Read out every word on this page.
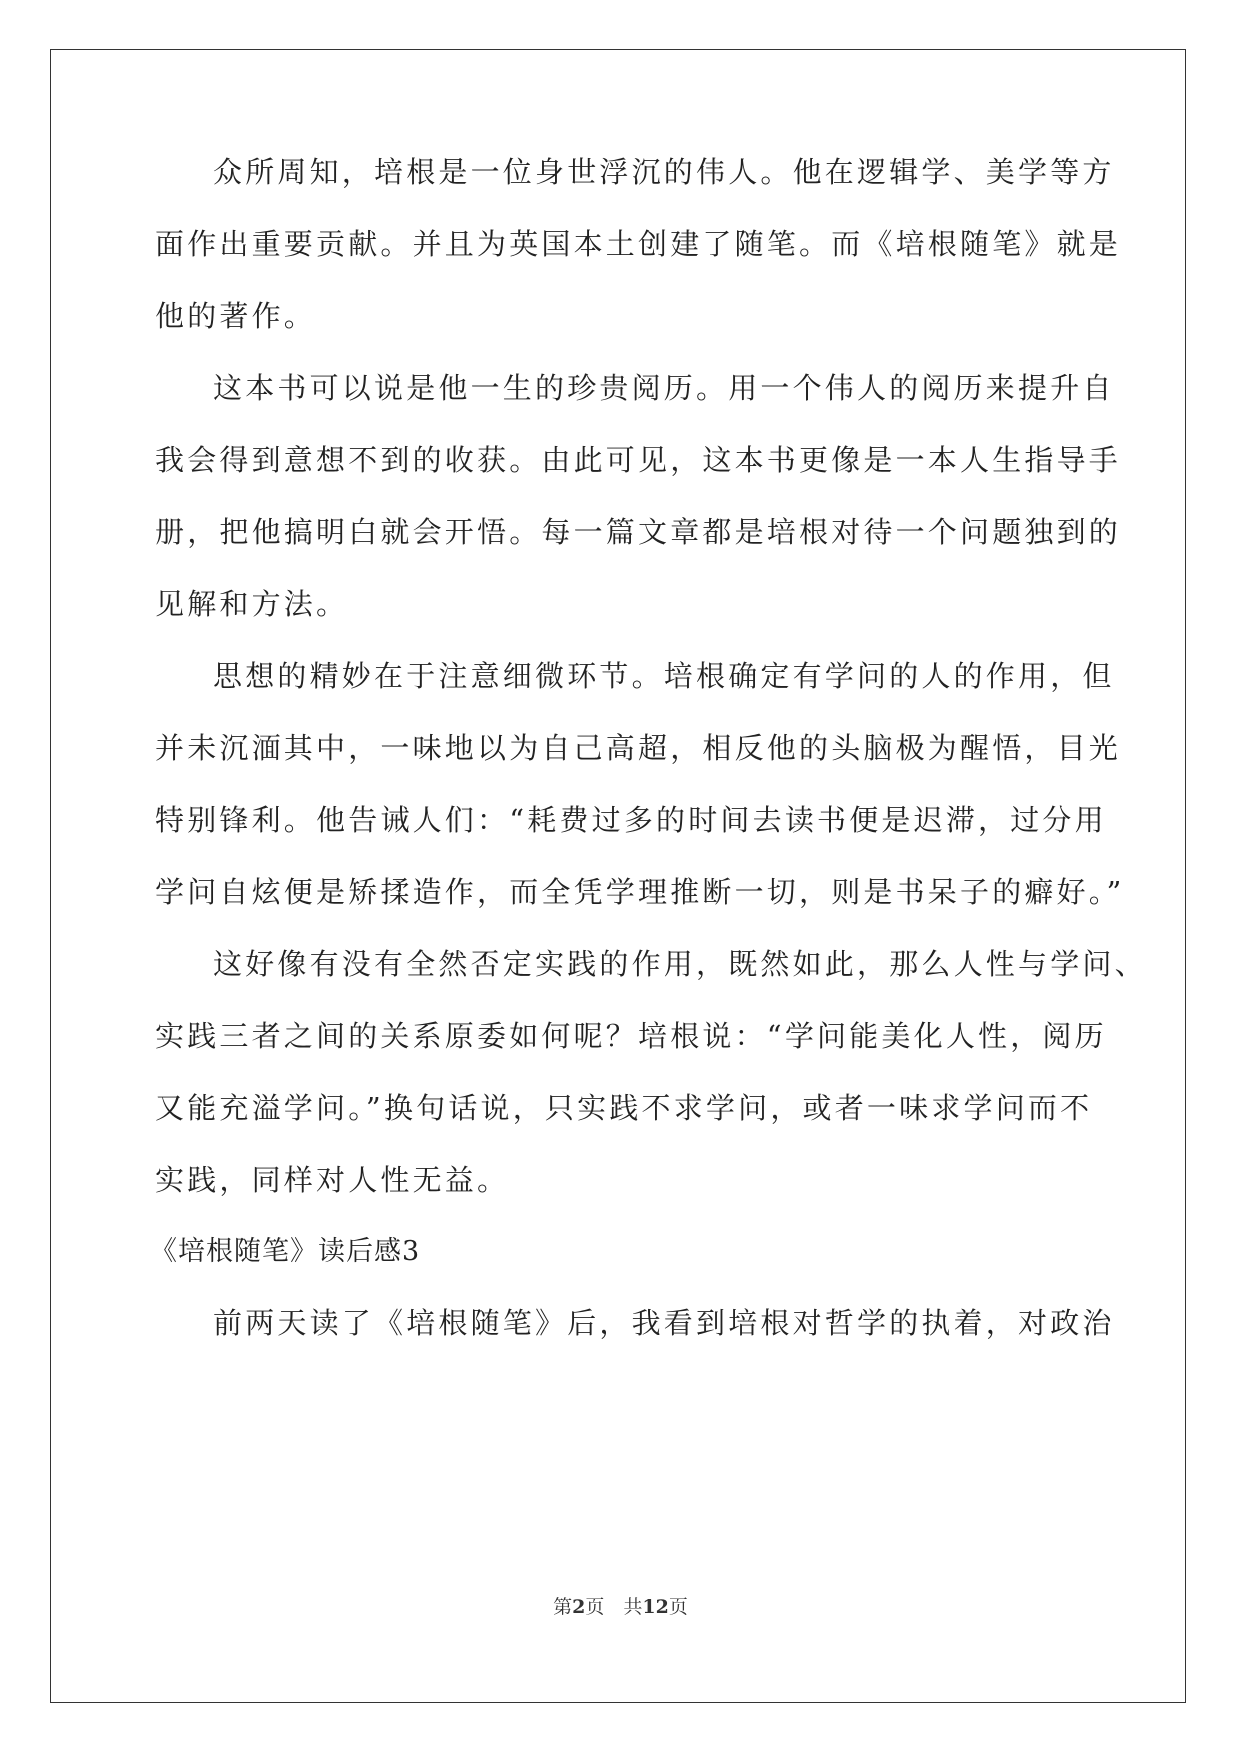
众所周知，培根是一位身世浮沉的伟人。他在逻辑学、美学等方
面作出重要贡献。并且为英国本土创建了随笔。而《培根随笔》就是
他的著作。
这本书可以说是他一生的珍贵阅历。用一个伟人的阅历来提升自
我会得到意想不到的收获。由此可见，这本书更像是一本人生指导手
册，把他搞明白就会开悟。每一篇文章都是培根对待一个问题独到的
见解和方法。
思想的精妙在于注意细微环节。培根确定有学问的人的作用，但
并未沉湎其中，一味地以为自己高超，相反他的头脑极为醒悟，目光
特别锋利。他告诫人们：“耗费过多的时间去读书便是迟滞，过分用
学问自炫便是矫揉造作，而全凭学理推断一切，则是书呆子的癖好。”
这好像有没有全然否定实践的作用，既然如此，那么人性与学问、
实践三者之间的关系原委如何呢？培根说：“学问能美化人性，阅历
又能充溢学问。”换句话说，只实践不求学问，或者一味求学问而不
实践，同样对人性无益。
《培根随笔》读后感3
前两天读了《培根随笔》后，我看到培根对哲学的执着，对政治
第2页　共12页
